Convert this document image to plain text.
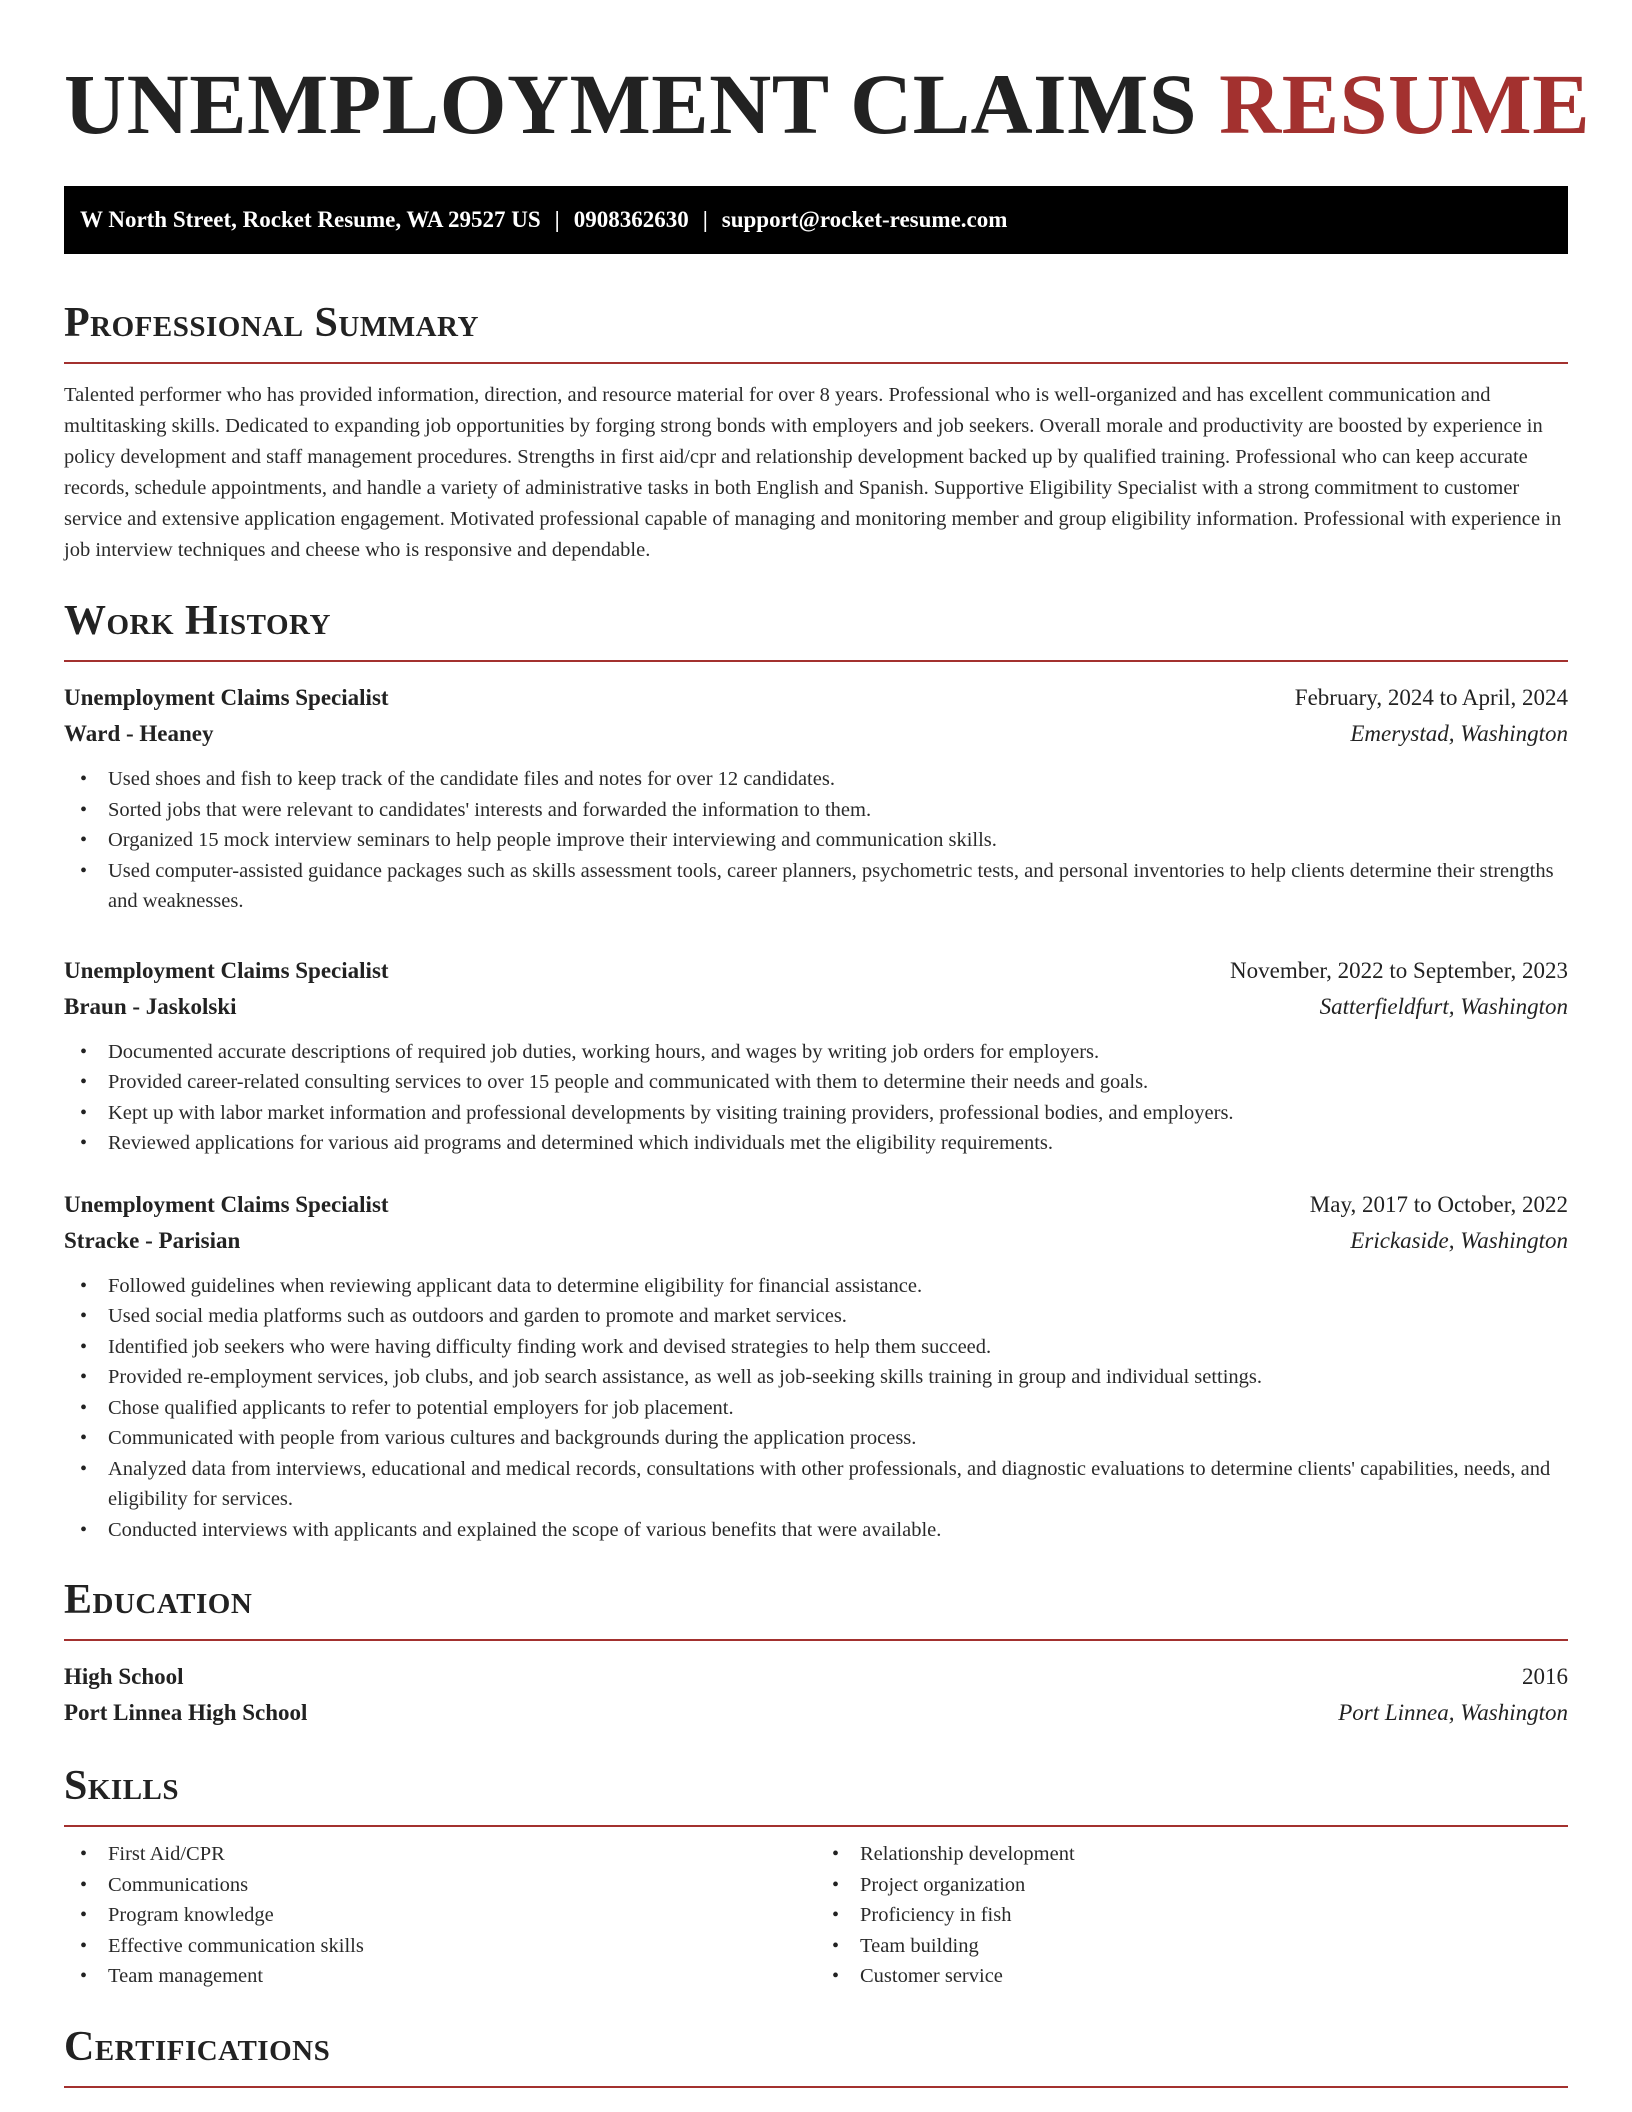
UNEMPLOYMENT CLAIMS RESUME
W North Street, Rocket Resume, WA 29527 US | 0908362630 | support@rocket-resume.com
Professional Summary

Talented performer who has provided information, direction, and resource material for over 8 years. Professional who is well-organized and has excellent communication and multitasking skills. Dedicated to expanding job opportunities by forging strong bonds with employers and job seekers. Overall morale and productivity are boosted by experience in policy development and staff management procedures. Strengths in first aid/cpr and relationship development backed up by qualified training. Professional who can keep accurate records, schedule appointments, and handle a variety of administrative tasks in both English and Spanish. Supportive Eligibility Specialist with a strong commitment to customer service and extensive application engagement. Motivated professional capable of managing and monitoring member and group eligibility information. Professional with experience in job interview techniques and cheese who is responsive and dependable.

Work History
Unemployment Claims Specialist	February, 2024 to April, 2024
Ward - Heaney	Emerystad, Washington
• Used shoes and fish to keep track of the candidate files and notes for over 12 candidates.
• Sorted jobs that were relevant to candidates' interests and forwarded the information to them.
• Organized 15 mock interview seminars to help people improve their interviewing and communication skills.
• Used computer-assisted guidance packages such as skills assessment tools, career planners, psychometric tests, and personal inventories to help clients determine their strengths and weaknesses.
Unemployment Claims Specialist	November, 2022 to September, 2023
Braun - Jaskolski	Satterfieldfurt, Washington
• Documented accurate descriptions of required job duties, working hours, and wages by writing job orders for employers.
• Provided career-related consulting services to over 15 people and communicated with them to determine their needs and goals.
• Kept up with labor market information and professional developments by visiting training providers, professional bodies, and employers.
• Reviewed applications for various aid programs and determined which individuals met the eligibility requirements.
Unemployment Claims Specialist	May, 2017 to October, 2022
Stracke - Parisian	Erickaside, Washington
• Followed guidelines when reviewing applicant data to determine eligibility for financial assistance.
• Used social media platforms such as outdoors and garden to promote and market services.
• Identified job seekers who were having difficulty finding work and devised strategies to help them succeed.
• Provided re-employment services, job clubs, and job search assistance, as well as job-seeking skills training in group and individual settings.
• Chose qualified applicants to refer to potential employers for job placement.
• Communicated with people from various cultures and backgrounds during the application process.
• Analyzed data from interviews, educational and medical records, consultations with other professionals, and diagnostic evaluations to determine clients' capabilities, needs, and eligibility for services.
• Conducted interviews with applicants and explained the scope of various benefits that were available.
Education
High School	2016
Port Linnea High School	Port Linnea, Washington
Skills
• First Aid/CPR
• Communications
• Program knowledge
• Effective communication skills
• Team management
• Relationship development
• Project organization
• Proficiency in fish
• Team building
• Customer service
Certifications
